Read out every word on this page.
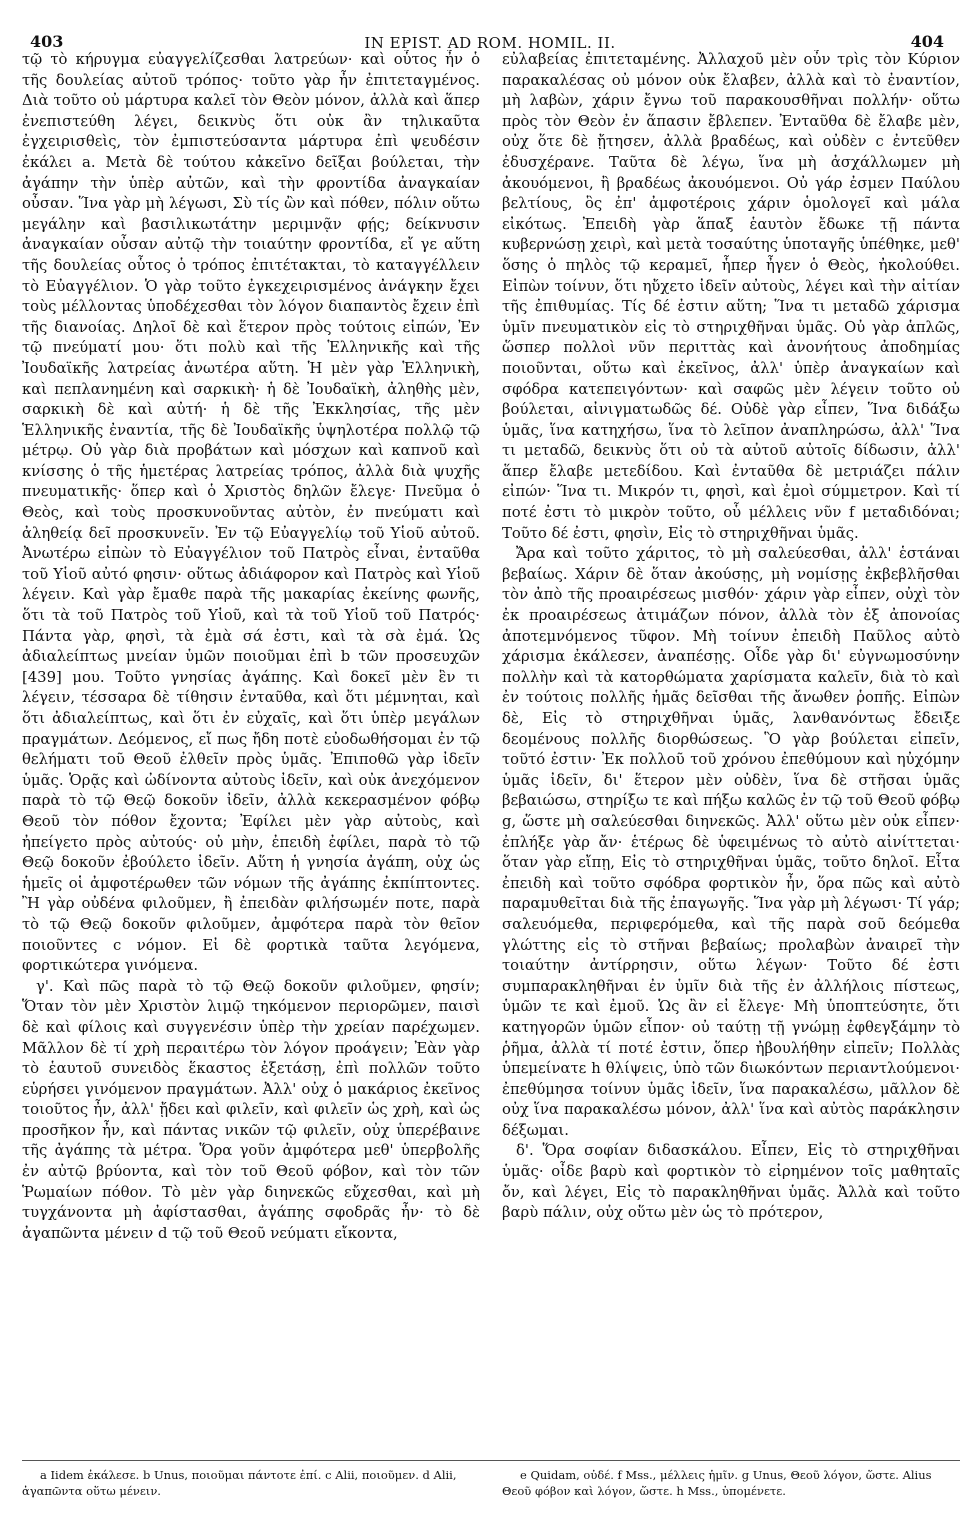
403	IN EPIST. AD ROM. HOMIL. II.	404

τῷ τὸ κήρυγμα εὐαγγελίζεσθαι λατρεύων· καὶ οὗτος ἦν ὁ τῆς δουλείας αὐτοῦ τρόπος· τοῦτο γὰρ ἦν ἐπιτεταγμένος. Διὰ τοῦτο οὐ μάρτυρα καλεῖ τὸν Θεὸν μόνον, ἀλλὰ καὶ ἅπερ ἐνεπιστεύθη λέγει, δεικνὺς ὅτι οὐκ ἂν τηλικαῦτα ἐγχειρισθεὶς, τὸν ἐμπιστεύσαντα μάρτυρα ἐπὶ ψευδέσιν ἐκάλει a. Μετὰ δὲ τούτου κἀκεῖνο δεῖξαι βούλεται, τὴν ἀγάπην τὴν ὑπὲρ αὐτῶν, καὶ τὴν φροντίδα ἀναγκαίαν οὖσαν. Ἵνα γὰρ μὴ λέγωσι, Σὺ τίς ὢν καὶ πόθεν, πόλιν οὕτω μεγάλην καὶ βασιλικωτάτην μεριμνᾷν φῄς; δείκνυσιν ἀναγκαίαν οὖσαν αὐτῷ τὴν τοιαύτην φροντίδα, εἴ γε αὕτη τῆς δουλείας οὗτος ὁ τρόπος ἐπιτέτακται, τὸ καταγγέλλειν τὸ Εὐαγγέλιον. Ὁ γὰρ τοῦτο ἐγκεχειρισμένος ἀνάγκην ἔχει τοὺς μέλλοντας ὑποδέχεσθαι τὸν λόγον διαπαντὸς ἔχειν ἐπὶ τῆς διανοίας. Δηλοῖ δὲ καὶ ἕτερον πρὸς τούτοις εἰπών, Ἐν τῷ πνεύματί μου· ὅτι πολὺ καὶ τῆς Ἑλληνικῆς καὶ τῆς Ἰουδαϊκῆς λατρείας ἀνωτέρα αὕτη. Ἡ μὲν γὰρ Ἑλληνικὴ, καὶ πεπλανημένη καὶ σαρκικὴ· ἡ δὲ Ἰουδαϊκὴ, ἀληθὴς μὲν, σαρκικὴ δὲ καὶ αὐτή· ἡ δὲ τῆς Ἐκκλησίας, τῆς μὲν Ἑλληνικῆς ἐναντία, τῆς δὲ Ἰουδαϊκῆς ὑψηλοτέρα πολλῷ τῷ μέτρῳ. Οὐ γὰρ διὰ προβάτων καὶ μόσχων καὶ καπνοῦ καὶ κνίσσης ὁ τῆς ἡμετέρας λατρείας τρόπος, ἀλλὰ διὰ ψυχῆς πνευματικῆς· ὅπερ καὶ ὁ Χριστὸς δηλῶν ἔλεγε· Πνεῦμα ὁ Θεὸς, καὶ τοὺς προσκυνοῦντας αὐτὸν, ἐν πνεύματι καὶ ἀληθείᾳ δεῖ προσκυνεῖν. Ἐν τῷ Εὐαγγελίῳ τοῦ Υἱοῦ αὐτοῦ. Ἀνωτέρω εἰπὼν τὸ Εὐαγγέλιον τοῦ Πατρὸς εἶναι, ἐνταῦθα τοῦ Υἱοῦ αὐτό φησιν· οὕτως ἀδιάφορον καὶ Πατρὸς καὶ Υἱοῦ λέγειν. Καὶ γὰρ ἔμαθε παρὰ τῆς μακαρίας ἐκείνης φωνῆς, ὅτι τὰ τοῦ Πατρὸς τοῦ Υἱοῦ, καὶ τὰ τοῦ Υἱοῦ τοῦ Πατρός· Πάντα γὰρ, φησὶ, τὰ ἐμὰ σά ἐστι, καὶ τὰ σὰ ἐμά. Ὡς ἀδιαλείπτως μνείαν ὑμῶν ποιοῦμαι ἐπὶ b τῶν προσευχῶν [439] μου. Τοῦτο γνησίας ἀγάπης. Καὶ δοκεῖ μὲν ἓν τι λέγειν, τέσσαρα δὲ τίθησιν ἐνταῦθα, καὶ ὅτι μέμνηται, καὶ ὅτι ἀδιαλείπτως, καὶ ὅτι ἐν εὐχαῖς, καὶ ὅτι ὑπὲρ μεγάλων πραγμάτων. Δεόμενος, εἴ πως ἤδη ποτὲ εὐοδωθήσομαι ἐν τῷ θελήματι τοῦ Θεοῦ ἐλθεῖν πρὸς ὑμᾶς. Ἐπιποθῶ γὰρ ἰδεῖν ὑμᾶς. Ὁρᾷς καὶ ὠδίνοντα αὐτοὺς ἰδεῖν, καὶ οὐκ ἀνεχόμενον παρὰ τὸ τῷ Θεῷ δοκοῦν ἰδεῖν, ἀλλὰ κεκερασμένον φόβῳ Θεοῦ τὸν πόθον ἔχοντα; Ἐφίλει μὲν γὰρ αὐτοὺς, καὶ ἠπείγετο πρὸς αὐτούς· οὐ μὴν, ἐπειδὴ ἐφίλει, παρὰ τὸ τῷ Θεῷ δοκοῦν ἐβούλετο ἰδεῖν. Αὕτη ἡ γνησία ἀγάπη, οὐχ ὡς ἡμεῖς οἱ ἀμφοτέρωθεν τῶν νόμων τῆς ἀγάπης ἐκπίπτοντες. Ἢ γὰρ οὐδένα φιλοῦμεν, ἢ ἐπειδὰν φιλήσωμέν ποτε, παρὰ τὸ τῷ Θεῷ δοκοῦν φιλοῦμεν, ἀμφότερα παρὰ τὸν θεῖον ποιοῦντες c νόμον. Εἰ δὲ φορτικὰ ταῦτα λεγόμενα, φορτικώτερα γινόμενα.

γ'. Καὶ πῶς παρὰ τὸ τῷ Θεῷ δοκοῦν φιλοῦμεν, φησίν; Ὅταν τὸν μὲν Χριστὸν λιμῷ τηκόμενον περιορῶμεν, παισὶ δὲ καὶ φίλοις καὶ συγγενέσιν ὑπὲρ τὴν χρείαν παρέχωμεν. Μᾶλλον δὲ τί χρὴ περαιτέρω τὸν λόγον προάγειν; Ἐὰν γὰρ τὸ ἑαυτοῦ συνειδὸς ἕκαστος ἐξετάσῃ, ἐπὶ πολλῶν τοῦτο εὑρήσει γινόμενον πραγμάτων. Ἀλλ' οὐχ ὁ μακάριος ἐκεῖνος τοιοῦτος ἦν, ἀλλ' ᾔδει καὶ φιλεῖν, καὶ φιλεῖν ὡς χρὴ, καὶ ὡς προσῆκον ἦν, καὶ πάντας νικῶν τῷ φιλεῖν, οὐχ ὑπερέβαινε τῆς ἀγάπης τὰ μέτρα. Ὅρα γοῦν ἀμφότερα μεθ' ὑπερβολῆς ἐν αὐτῷ βρύοντα, καὶ τὸν τοῦ Θεοῦ φόβον, καὶ τὸν τῶν Ῥωμαίων πόθον. Τὸ μὲν γὰρ διηνεκῶς εὔχεσθαι, καὶ μὴ τυγχάνοντα μὴ ἀφίστασθαι, ἀγάπης σφοδρᾶς ἦν· τὸ δὲ ἀγαπῶντα μένειν d τῷ τοῦ Θεοῦ νεύματι εἴκοντα,

εὐλαβείας ἐπιτεταμένης. Ἀλλαχοῦ μὲν οὖν τρὶς τὸν Κύριον παρακαλέσας οὐ μόνον οὐκ ἔλαβεν, ἀλλὰ καὶ τὸ ἐναντίον, μὴ λαβὼν, χάριν ἔγνω τοῦ παρακουσθῆναι πολλήν· οὕτω πρὸς τὸν Θεὸν ἐν ἅπασιν ἔβλεπεν. Ἐνταῦθα δὲ ἔλαβε μὲν, οὐχ ὅτε δὲ ᾔτησεν, ἀλλὰ βραδέως, καὶ οὐδὲν c ἐντεῦθεν ἐδυσχέρανε. Ταῦτα δὲ λέγω, ἵνα μὴ ἀσχάλλωμεν μὴ ἀκουόμενοι, ἢ βραδέως ἀκουόμενοι. Οὐ γάρ ἐσμεν Παύλου βελτίους, ὃς ἐπ' ἀμφοτέροις χάριν ὁμολογεῖ καὶ μάλα εἰκότως. Ἐπειδὴ γὰρ ἅπαξ ἑαυτὸν ἔδωκε τῇ πάντα κυβερνώσῃ χειρὶ, καὶ μετὰ τοσαύτης ὑποταγῆς ὑπέθηκε, μεθ' ὅσης ὁ πηλὸς τῷ κεραμεῖ, ἧπερ ἦγεν ὁ Θεὸς, ἠκολούθει. Εἰπὼν τοίνυν, ὅτι ηὔχετο ἰδεῖν αὐτοὺς, λέγει καὶ τὴν αἰτίαν τῆς ἐπιθυμίας. Τίς δέ ἐστιν αὕτη; Ἵνα τι μεταδῶ χάρισμα ὑμῖν πνευματικὸν εἰς τὸ στηριχθῆναι ὑμᾶς. Οὐ γὰρ ἁπλῶς, ὥσπερ πολλοὶ νῦν περιττὰς καὶ ἀνονήτους ἀποδημίας ποιοῦνται, οὕτω καὶ ἐκεῖνος, ἀλλ' ὑπὲρ ἀναγκαίων καὶ σφόδρα κατεπειγόντων· καὶ σαφῶς μὲν λέγειν τοῦτο οὐ βούλεται, αἰνιγματωδῶς δέ. Οὐδὲ γὰρ εἶπεν, Ἵνα διδάξω ὑμᾶς, ἵνα κατηχήσω, ἵνα τὸ λεῖπον ἀναπληρώσω, ἀλλ' Ἵνα τι μεταδῶ, δεικνὺς ὅτι οὐ τὰ αὐτοῦ αὐτοῖς δίδωσιν, ἀλλ' ἅπερ ἔλαβε μετεδίδου. Καὶ ἐνταῦθα δὲ μετριάζει πάλιν εἰπών· Ἵνα τι. Μικρόν τι, φησὶ, καὶ ἐμοὶ σύμμετρον. Καὶ τί ποτέ ἐστι τὸ μικρὸν τοῦτο, οὗ μέλλεις νῦν f μεταδιδόναι; Τοῦτο δέ ἐστι, φησὶν, Εἰς τὸ στηριχθῆναι ὑμᾶς.

Ἄρα καὶ τοῦτο χάριτος, τὸ μὴ σαλεύεσθαι, ἀλλ' ἑστάναι βεβαίως. Χάριν δὲ ὅταν ἀκούσῃς, μὴ νομίσῃς ἐκβεβλῆσθαι τὸν ἀπὸ τῆς προαιρέσεως μισθόν· χάριν γὰρ εἶπεν, οὐχὶ τὸν ἐκ προαιρέσεως ἀτιμάζων πόνον, ἀλλὰ τὸν ἐξ ἀπονοίας ἀποτεμνόμενος τῦφον. Μὴ τοίνυν ἐπειδὴ Παῦλος αὐτὸ χάρισμα ἐκάλεσεν, ἀναπέσῃς. Οἶδε γὰρ δι' εὐγνωμοσύνην πολλὴν καὶ τὰ κατορθώματα χαρίσματα καλεῖν, διὰ τὸ καὶ ἐν τούτοις πολλῆς ἡμᾶς δεῖσθαι τῆς ἄνωθεν ῥοπῆς. Εἰπὼν δὲ, Εἰς τὸ στηριχθῆναι ὑμᾶς, λανθανόντως ἔδειξε δεομένους πολλῆς διορθώσεως. Ὃ γὰρ βούλεται εἰπεῖν, τοῦτό ἐστιν· Ἐκ πολλοῦ τοῦ χρόνου ἐπεθύμουν καὶ ηὐχόμην ὑμᾶς ἰδεῖν, δι' ἕτερον μὲν οὐδὲν, ἵνα δὲ στῆσαι ὑμᾶς βεβαιώσω, στηρίξω τε καὶ πήξω καλῶς ἐν τῷ τοῦ Θεοῦ φόβῳ g, ὥστε μὴ σαλεύεσθαι διηνεκῶς. Ἀλλ' οὕτω μὲν οὐκ εἶπεν· ἐπλήξε γὰρ ἄν· ἑτέρως δὲ ὑφειμένως τὸ αὐτὸ αἰνίττεται· ὅταν γὰρ εἴπῃ, Εἰς τὸ στηριχθῆναι ὑμᾶς, τοῦτο δηλοῖ. Εἶτα ἐπειδὴ καὶ τοῦτο σφόδρα φορτικὸν ἦν, ὅρα πῶς καὶ αὐτὸ παραμυθεῖται διὰ τῆς ἐπαγωγῆς. Ἵνα γὰρ μὴ λέγωσι· Τί γάρ; σαλευόμεθα, περιφερόμεθα, καὶ τῆς παρὰ σοῦ δεόμεθα γλώττης εἰς τὸ στῆναι βεβαίως; προλαβὼν ἀναιρεῖ τὴν τοιαύτην ἀντίρρησιν, οὕτω λέγων· Τοῦτο δέ ἐστι συμπαρακληθῆναι ἐν ὑμῖν διὰ τῆς ἐν ἀλλήλοις πίστεως, ὑμῶν τε καὶ ἐμοῦ. Ὡς ἂν εἰ ἔλεγε· Μὴ ὑποπτεύσητε, ὅτι κατηγορῶν ὑμῶν εἶπον· οὐ ταύτῃ τῇ γνώμῃ ἐφθεγξάμην τὸ ῥῆμα, ἀλλὰ τί ποτέ ἐστιν, ὅπερ ἠβουλήθην εἰπεῖν; Πολλὰς ὑπεμείνατε h θλίψεις, ὑπὸ τῶν διωκόντων περιαντλούμενοι· ἐπεθύμησα τοίνυν ὑμᾶς ἰδεῖν, ἵνα παρακαλέσω, μᾶλλον δὲ οὐχ ἵνα παρακαλέσω μόνον, ἀλλ' ἵνα καὶ αὐτὸς παράκλησιν δέξωμαι.

δ'. Ὅρα σοφίαν διδασκάλου. Εἶπεν, Εἰς τὸ στηριχθῆναι ὑμᾶς· οἶδε βαρὺ καὶ φορτικὸν τὸ εἰρημένον τοῖς μαθηταῖς ὄν, καὶ λέγει, Εἰς τὸ παρακληθῆναι ὑμᾶς. Ἀλλὰ καὶ τοῦτο βαρὺ πάλιν, οὐχ οὕτω μὲν ὡς τὸ πρότερον,

a Iidem ἐκάλεσε. b Unus, ποιοῦμαι πάντοτε ἐπί. c Alii, ποιοῦμεν. d Alii, ἀγαπῶντα οὕτω μένειν.
e Quidam, οὐδέ. f Mss., μέλλεις ἡμῖν. g Unus, Θεοῦ λόγον, ὥστε. Alius Θεοῦ φόβον καὶ λόγον, ὥστε. h Mss., ὑπομένετε.
